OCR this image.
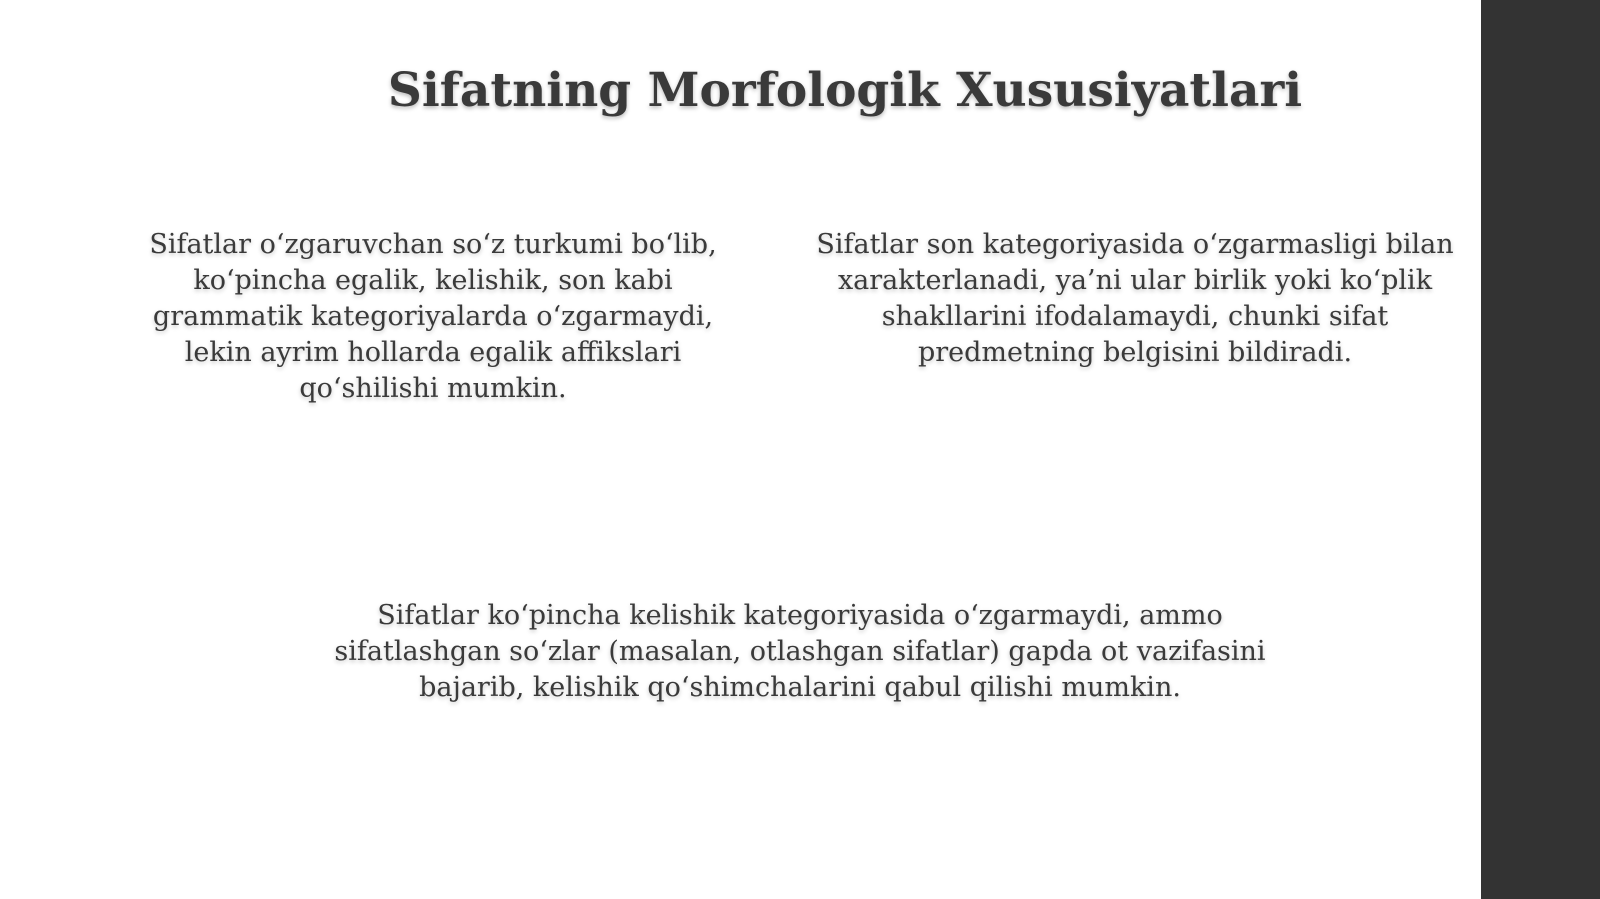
Sifatning Morfologik Xususiyatlari

Sifatlar o‘zgaruvchan so‘z turkumi bo‘lib,
ko‘pincha egalik, kelishik, son kabi
grammatik kategoriyalarda o‘zgarmaydi,
lekin ayrim hollarda egalik affikslari
qo‘shilishi mumkin.

Sifatlar son kategoriyasida o‘zgarmasligi bilan
xarakterlanadi, ya’ni ular birlik yoki ko‘plik
shakllarini ifodalamaydi, chunki sifat
predmetning belgisini bildiradi.

Sifatlar ko‘pincha kelishik kategoriyasida o‘zgarmaydi, ammo
sifatlashgan so‘zlar (masalan, otlashgan sifatlar) gapda ot vazifasini
bajarib, kelishik qo‘shimchalarini qabul qilishi mumkin.
